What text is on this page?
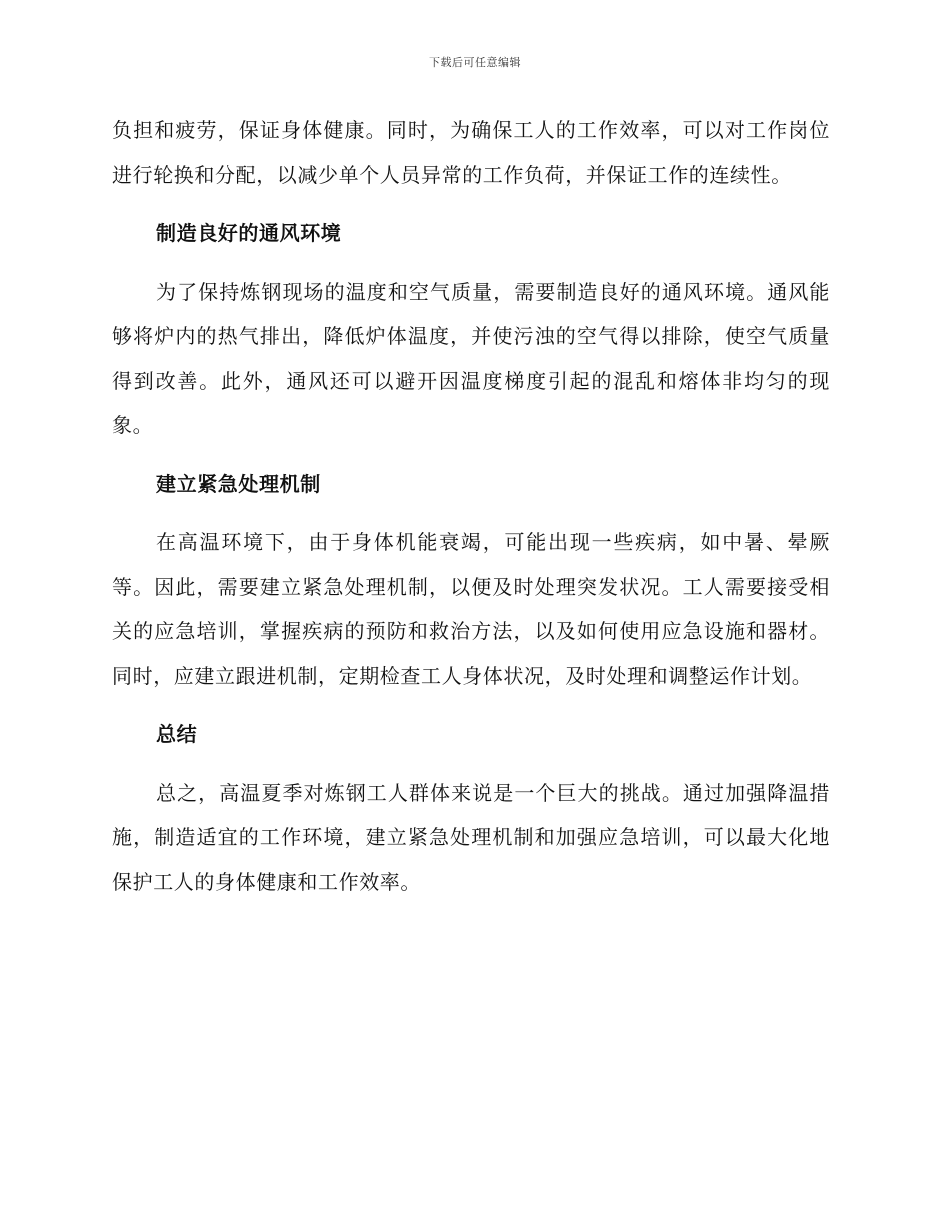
下载后可任意编辑

负担和疲劳，保证身体健康。同时，为确保工人的工作效率，可以对工作岗位进行轮换和分配，以减少单个人员异常的工作负荷，并保证工作的连续性。

制造良好的通风环境

为了保持炼钢现场的温度和空气质量，需要制造良好的通风环境。通风能够将炉内的热气排出，降低炉体温度，并使污浊的空气得以排除，使空气质量得到改善。此外，通风还可以避开因温度梯度引起的混乱和熔体非均匀的现象。

建立紧急处理机制

在高温环境下，由于身体机能衰竭，可能出现一些疾病，如中暑、晕厥等。因此，需要建立紧急处理机制，以便及时处理突发状况。工人需要接受相关的应急培训，掌握疾病的预防和救治方法，以及如何使用应急设施和器材。同时，应建立跟进机制，定期检查工人身体状况，及时处理和调整运作计划。

总结

总之，高温夏季对炼钢工人群体来说是一个巨大的挑战。通过加强降温措施，制造适宜的工作环境，建立紧急处理机制和加强应急培训，可以最大化地保护工人的身体健康和工作效率。
